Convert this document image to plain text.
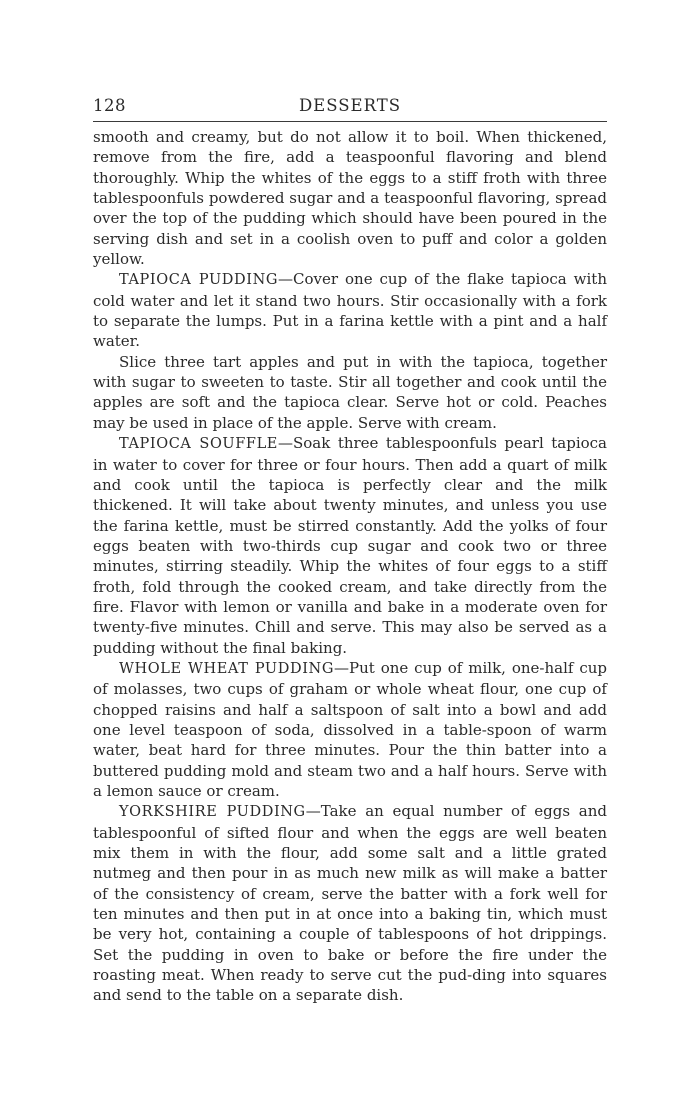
128	DESSERTS

smooth and creamy, but do not allow it to boil. When thickened, remove from the fire, add a teaspoonful flavoring and blend thoroughly. Whip the whites of the eggs to a stiff froth with three tablespoonfuls powdered sugar and a teaspoonful flavoring, spread over the top of the pudding which should have been poured in the serving dish and set in a coolish oven to puff and color a golden yellow.

TAPIOCA PUDDING—Cover one cup of the flake tapioca with cold water and let it stand two hours. Stir occasionally with a fork to separate the lumps. Put in a farina kettle with a pint and a half water.

Slice three tart apples and put in with the tapioca, together with sugar to sweeten to taste. Stir all together and cook until the apples are soft and the tapioca clear. Serve hot or cold. Peaches may be used in place of the apple. Serve with cream.

TAPIOCA SOUFFLE—Soak three tablespoonfuls pearl tapioca in water to cover for three or four hours. Then add a quart of milk and cook until the tapioca is perfectly clear and the milk thickened. It will take about twenty minutes, and unless you use the farina kettle, must be stirred constantly. Add the yolks of four eggs beaten with two-thirds cup sugar and cook two or three minutes, stirring steadily. Whip the whites of four eggs to a stiff froth, fold through the cooked cream, and take directly from the fire. Flavor with lemon or vanilla and bake in a moderate oven for twenty-five minutes. Chill and serve. This may also be served as a pudding without the final baking.

WHOLE WHEAT PUDDING—Put one cup of milk, one-half cup of molasses, two cups of graham or whole wheat flour, one cup of chopped raisins and half a saltspoon of salt into a bowl and add one level teaspoon of soda, dissolved in a table-spoon of warm water, beat hard for three minutes. Pour the thin batter into a buttered pudding mold and steam two and a half hours. Serve with a lemon sauce or cream.

YORKSHIRE PUDDING—Take an equal number of eggs and tablespoonful of sifted flour and when the eggs are well beaten mix them in with the flour, add some salt and a little grated nutmeg and then pour in as much new milk as will make a batter of the consistency of cream, serve the batter with a fork well for ten minutes and then put in at once into a baking tin, which must be very hot, containing a couple of tablespoons of hot drippings. Set the pudding in oven to bake or before the fire under the roasting meat. When ready to serve cut the pud-ding into squares and send to the table on a separate dish.
